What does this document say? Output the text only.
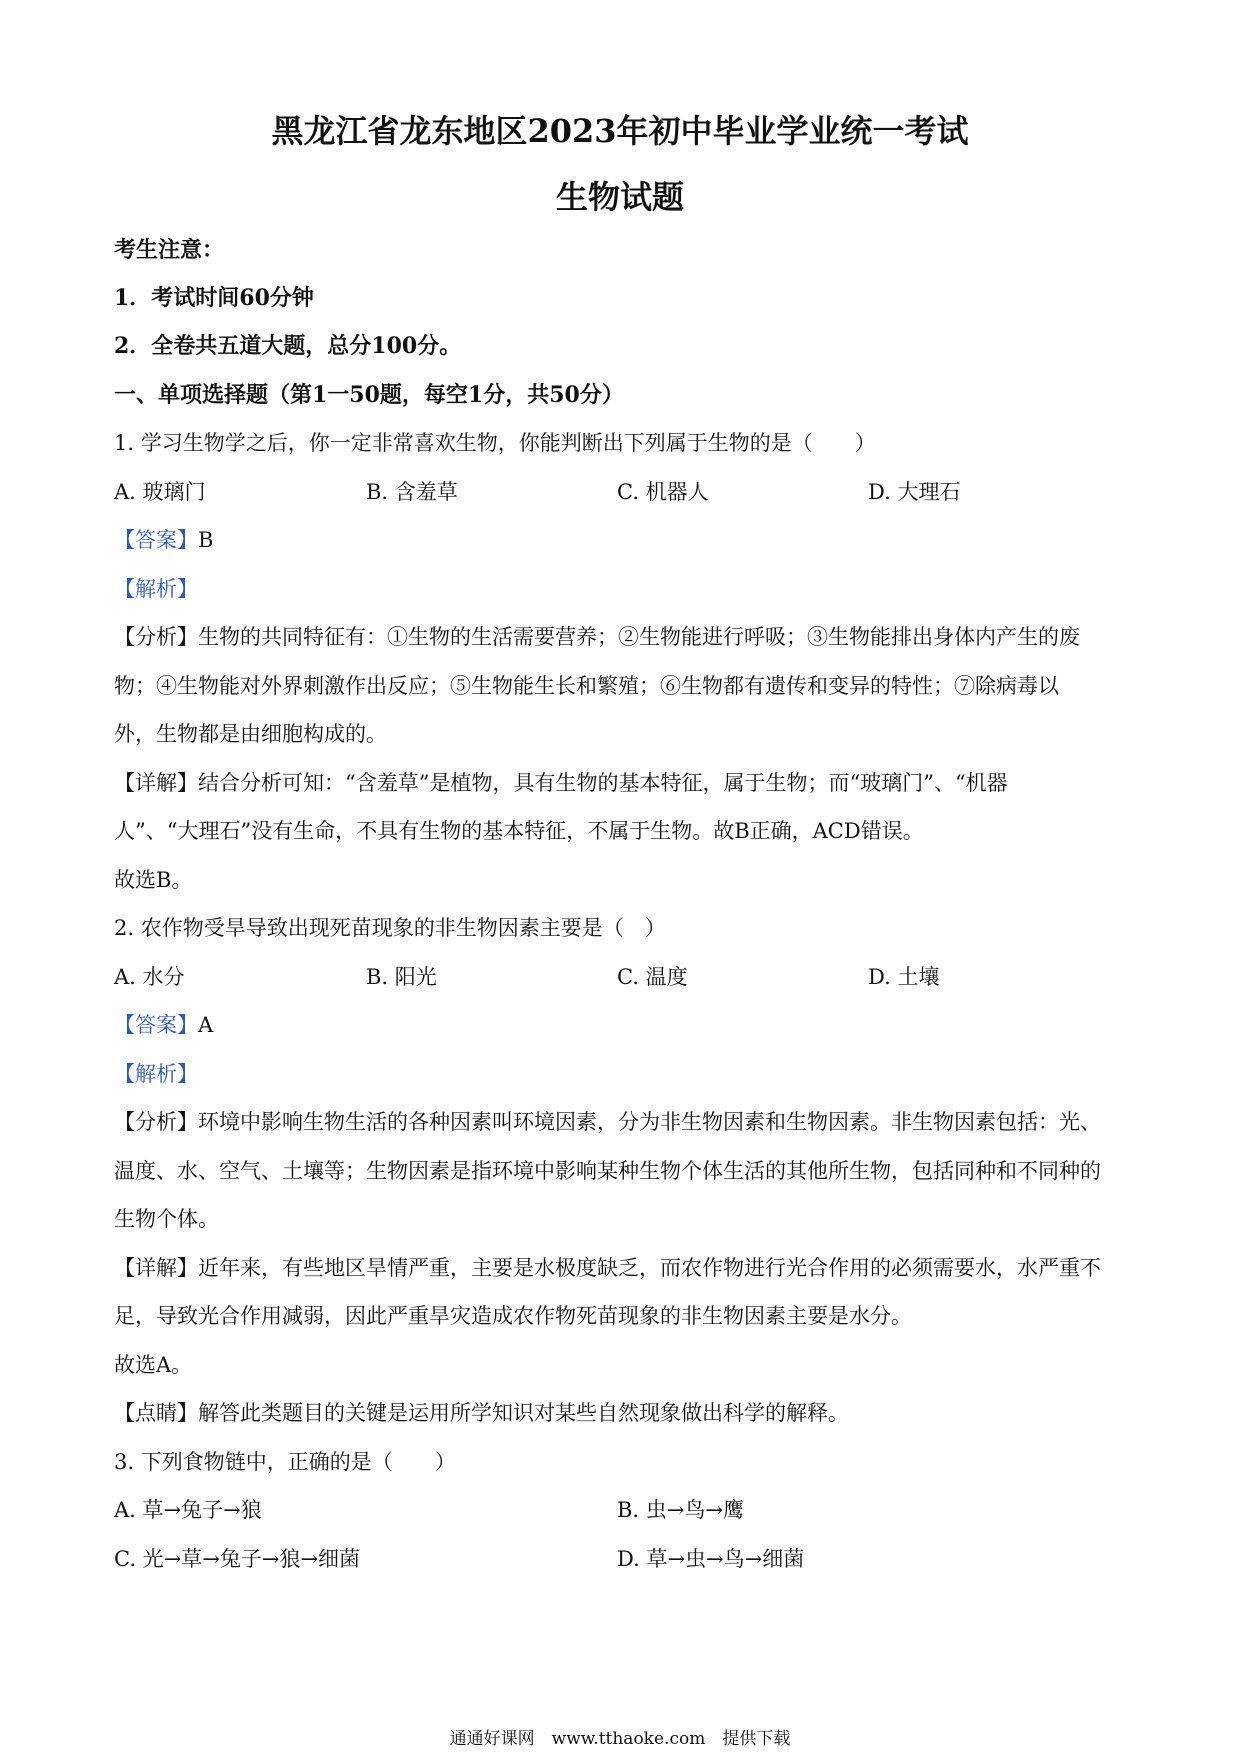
黑龙江省龙东地区2023年初中毕业学业统一考试
生物试题
考生注意：
1．考试时间60分钟
2．全卷共五道大题，总分100分。
一、单项选择题（第1一50题，每空1分，共50分）
1. 学习生物学之后，你一定非常喜欢生物，你能判断出下列属于生物的是（　　）
A. 玻璃门	B. 含羞草	C. 机器人	D. 大理石
【答案】B
【解析】
【分析】生物的共同特征有：①生物的生活需要营养；②生物能进行呼吸；③生物能排出身体内产生的废
物；④生物能对外界刺激作出反应；⑤生物能生长和繁殖；⑥生物都有遗传和变异的特性；⑦除病毒以
外，生物都是由细胞构成的。
【详解】结合分析可知：“含羞草”是植物，具有生物的基本特征，属于生物；而“玻璃门”、“机器
人”、“大理石”没有生命，不具有生物的基本特征，不属于生物。故B正确，ACD错误。
故选B。
2. 农作物受旱导致出现死苗现象的非生物因素主要是（　）
A. 水分	B. 阳光	C. 温度	D. 土壤
【答案】A
【解析】
【分析】环境中影响生物生活的各种因素叫环境因素，分为非生物因素和生物因素。非生物因素包括：光、
温度、水、空气、土壤等；生物因素是指环境中影响某种生物个体生活的其他所生物，包括同种和不同种的
生物个体。
【详解】近年来，有些地区旱情严重，主要是水极度缺乏，而农作物进行光合作用的必须需要水，水严重不
足，导致光合作用减弱，因此严重旱灾造成农作物死苗现象的非生物因素主要是水分。
故选A。
【点睛】解答此类题目的关键是运用所学知识对某些自然现象做出科学的解释。
3. 下列食物链中，正确的是（　　）
A. 草→兔子→狼	B. 虫→鸟→鹰
C. 光→草→兔子→狼→细菌	D. 草→虫→鸟→细菌
通通好课网　www.tthaoke.com　提供下载
